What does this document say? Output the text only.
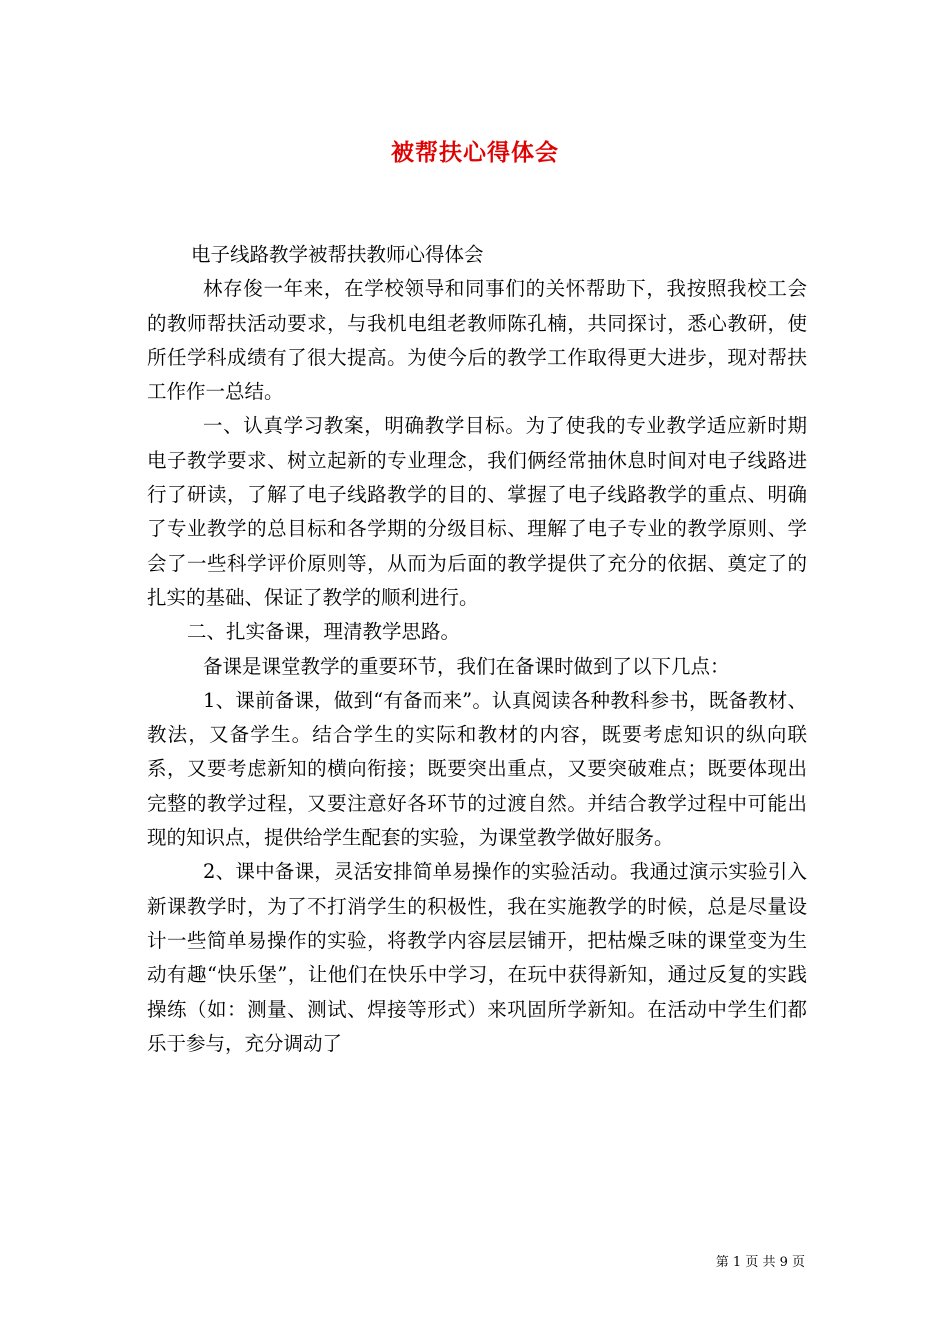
被帮扶心得体会

电子线路教学被帮扶教师心得体会

林存俊一年来，在学校领导和同事们的关怀帮助下，我按照我校工会的教师帮扶活动要求，与我机电组老教师陈孔楠，共同探讨，悉心教研，使所任学科成绩有了很大提高。为使今后的教学工作取得更大进步，现对帮扶工作作一总结。

一、认真学习教案，明确教学目标。为了使我的专业教学适应新时期电子教学要求、树立起新的专业理念，我们俩经常抽休息时间对电子线路进行了研读，了解了电子线路教学的目的、掌握了电子线路教学的重点、明确了专业教学的总目标和各学期的分级目标、理解了电子专业的教学原则、学会了一些科学评价原则等，从而为后面的教学提供了充分的依据、奠定了的扎实的基础、保证了教学的顺利进行。

二、扎实备课，理清教学思路。

备课是课堂教学的重要环节，我们在备课时做到了以下几点：

1、课前备课，做到“有备而来”。认真阅读各种教科参书，既备教材、教法，又备学生。结合学生的实际和教材的内容，既要考虑知识的纵向联系，又要考虑新知的横向衔接；既要突出重点，又要突破难点；既要体现出完整的教学过程，又要注意好各环节的过渡自然。并结合教学过程中可能出现的知识点，提供给学生配套的实验，为课堂教学做好服务。

2、课中备课，灵活安排简单易操作的实验活动。我通过演示实验引入新课教学时，为了不打消学生的积极性，我在实施教学的时候，总是尽量设计一些简单易操作的实验，将教学内容层层铺开，把枯燥乏味的课堂变为生动有趣“快乐堡”，让他们在快乐中学习，在玩中获得新知，通过反复的实践操练（如：测量、测试、焊接等形式）来巩固所学新知。在活动中学生们都乐于参与，充分调动了

第 1 页 共 9 页
